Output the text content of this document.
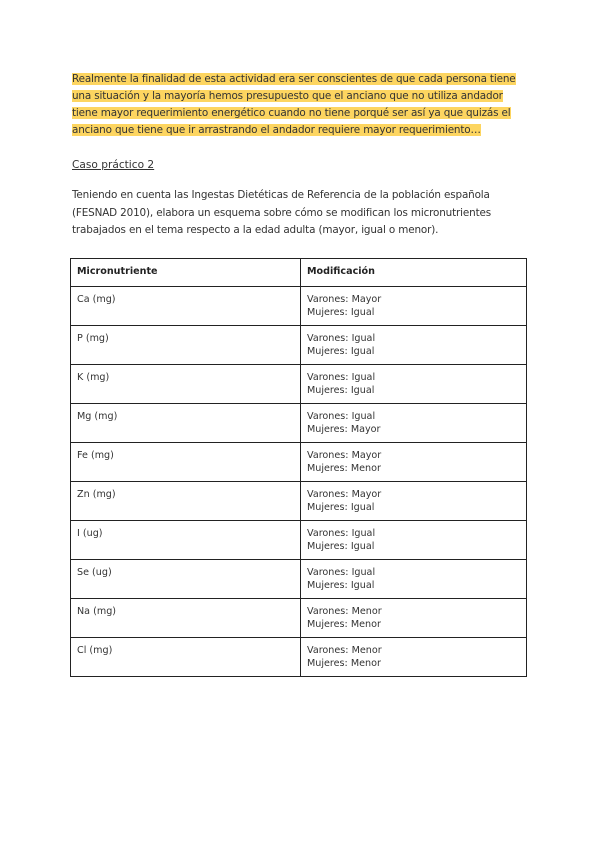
Realmente la finalidad de esta actividad era ser conscientes de que cada persona tiene
una situación y la mayoría hemos presupuesto que el anciano que no utiliza andador
tiene mayor requerimiento energético cuando no tiene porqué ser así ya que quizás el
anciano que tiene que ir arrastrando el andador requiere mayor requerimiento…
Caso práctico 2
Teniendo en cuenta las Ingestas Dietéticas de Referencia de la población española
(FESNAD 2010), elabora un esquema sobre cómo se modifican los micronutrientes
trabajados en el tema respecto a la edad adulta (mayor, igual o menor).
Micronutriente	Modificación
Ca (mg)	Varones: Mayor
Mujeres: Igual
P (mg)	Varones: Igual
Mujeres: Igual
K (mg)	Varones: Igual
Mujeres: Igual
Mg (mg)	Varones: Igual
Mujeres: Mayor
Fe (mg)	Varones: Mayor
Mujeres: Menor
Zn (mg)	Varones: Mayor
Mujeres: Igual
I (ug)	Varones: Igual
Mujeres: Igual
Se (ug)	Varones: Igual
Mujeres: Igual
Na (mg)	Varones: Menor
Mujeres: Menor
Cl (mg)	Varones: Menor
Mujeres: Menor
